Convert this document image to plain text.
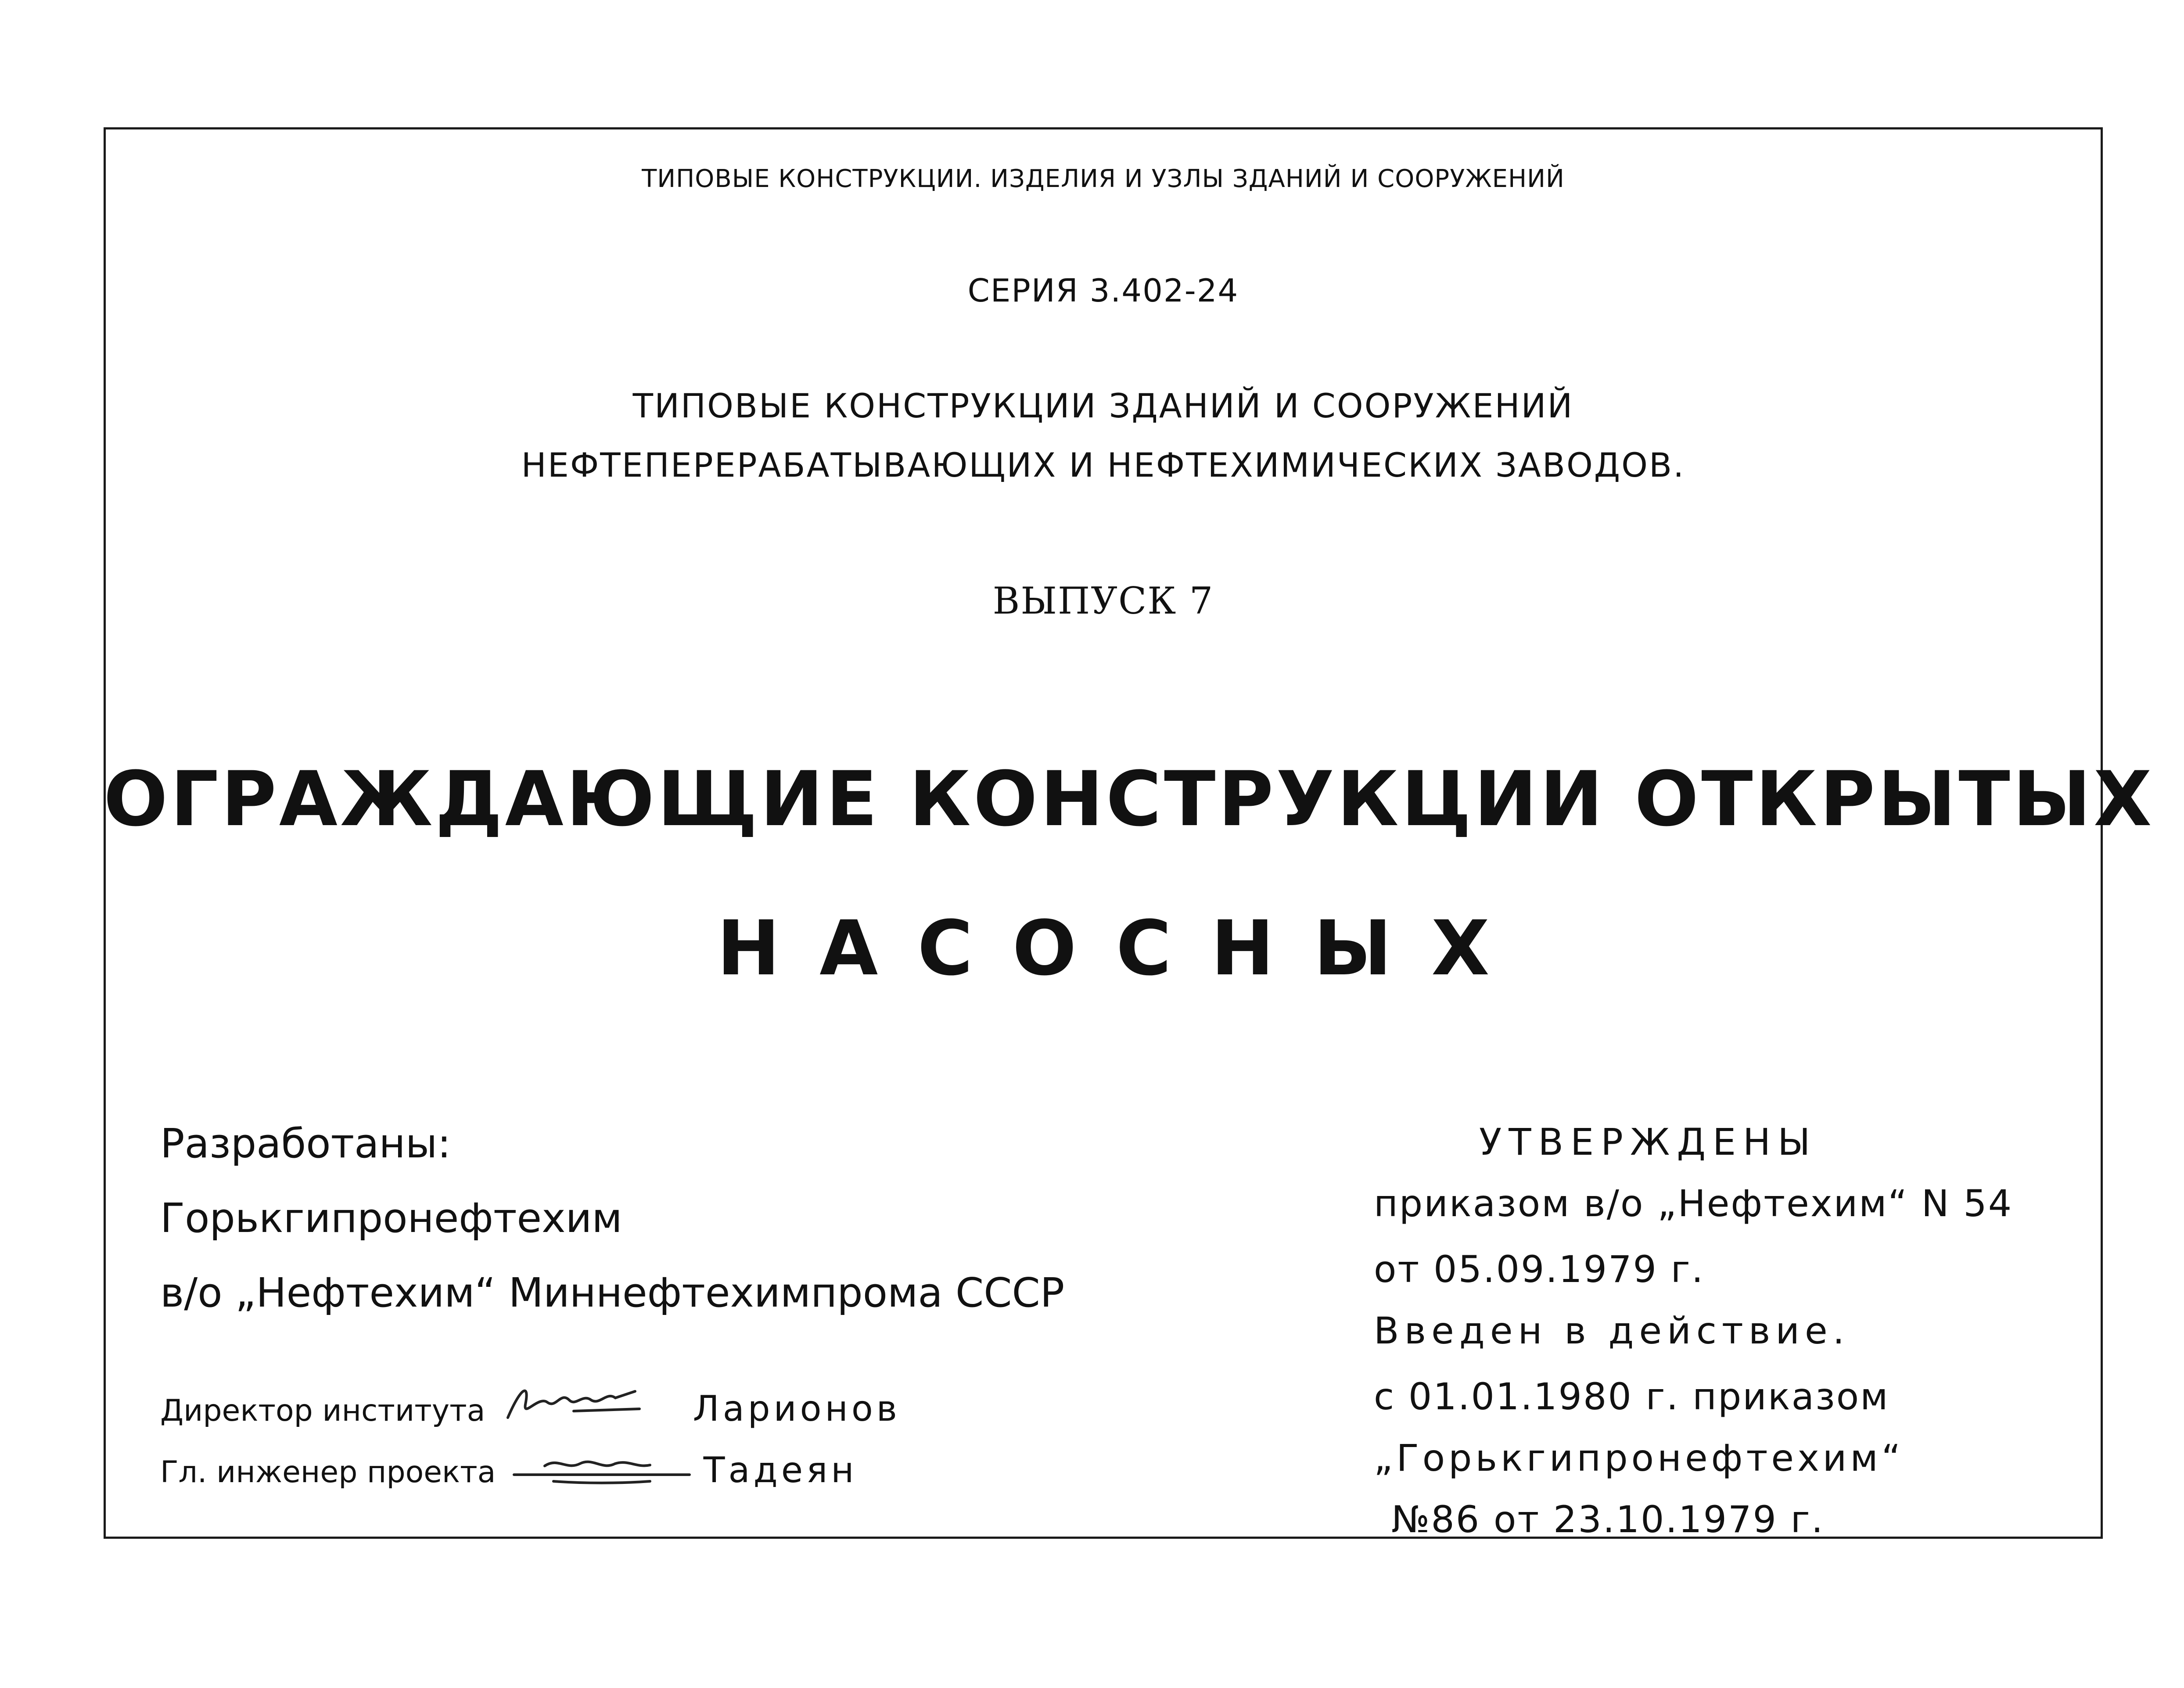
ТИПОВЫЕ КОНСТРУКЦИИ. ИЗДЕЛИЯ И УЗЛЫ ЗДАНИЙ И СООРУЖЕНИЙ
СЕРИЯ 3.402-24
ТИПОВЫЕ КОНСТРУКЦИИ ЗДАНИЙ И СООРУЖЕНИЙ
НЕФТЕПЕРЕРАБАТЫВАЮЩИХ И НЕФТЕХИМИЧЕСКИХ ЗАВОДОВ.
ВЫПУСК 7
ОГРАЖДАЮЩИЕ КОНСТРУКЦИИ ОТКРЫТЫХ
НАСОСНЫХ
Разработаны:
Горькгипронефтехим
в/о „Нефтехим“ Миннефтехимпрома СССР
Директор института	Ларионов
Гл. инженер проекта	Тадеян
УТВЕРЖДЕНЫ
приказом в/о „Нефтехим“ N 54
от 05.09.1979 г.
Введен в действие.
с 01.01.1980 г. приказом
„Горькгипронефтехим“
№86 от 23.10.1979 г.
